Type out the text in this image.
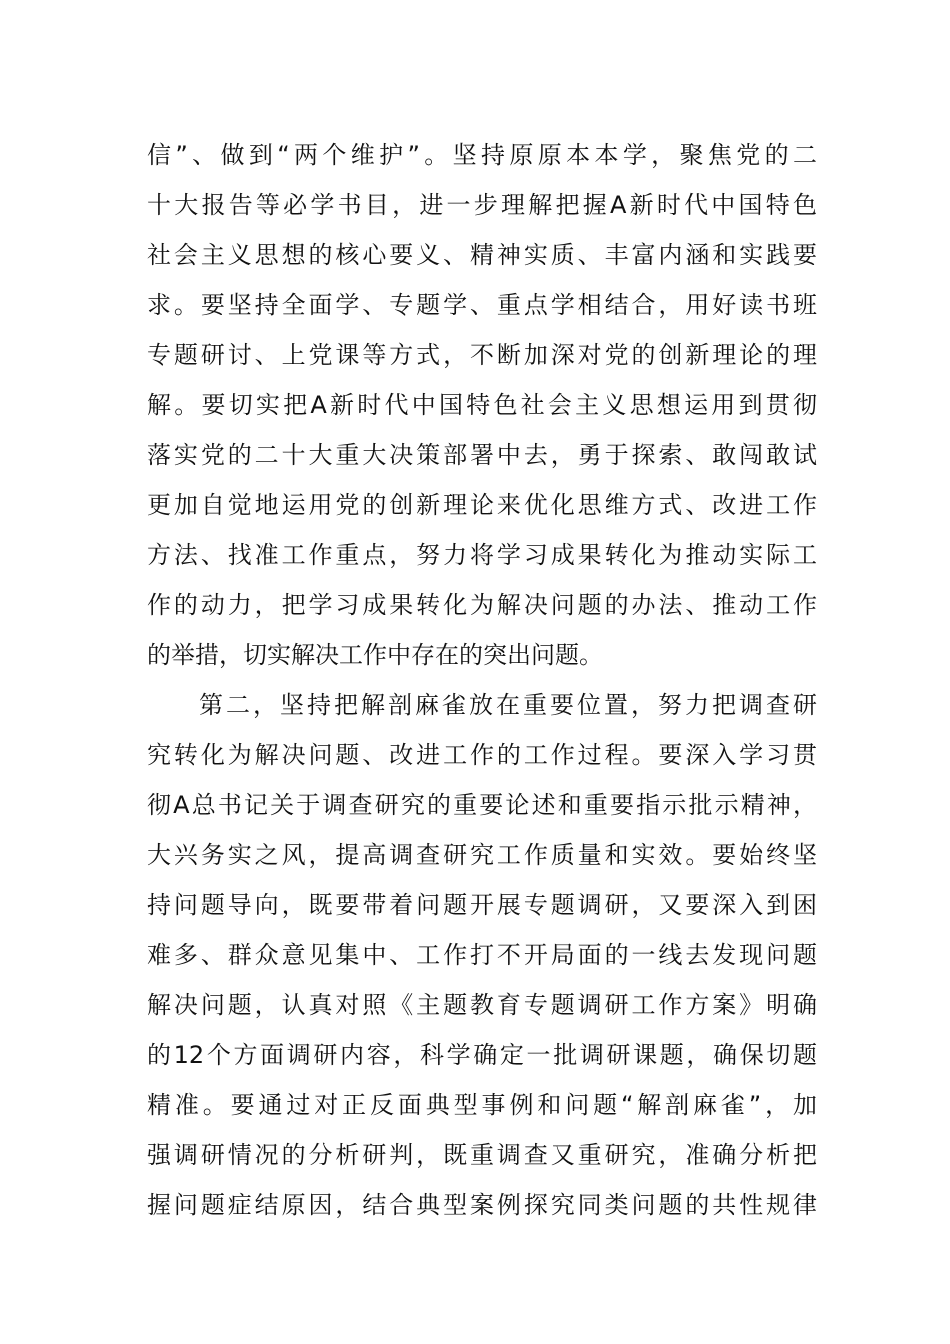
信”、做到“两个维护”。坚持原原本本学，聚焦党的二
十大报告等必学书目，进一步理解把握A新时代中国特色
社会主义思想的核心要义、精神实质、丰富内涵和实践要
求。要坚持全面学、专题学、重点学相结合，用好读书班
专题研讨、上党课等方式，不断加深对党的创新理论的理
解。要切实把A新时代中国特色社会主义思想运用到贯彻
落实党的二十大重大决策部署中去，勇于探索、敢闯敢试
更加自觉地运用党的创新理论来优化思维方式、改进工作
方法、找准工作重点，努力将学习成果转化为推动实际工
作的动力，把学习成果转化为解决问题的办法、推动工作
的举措，切实解决工作中存在的突出问题。
第二，坚持把解剖麻雀放在重要位置，努力把调查研
究转化为解决问题、改进工作的工作过程。要深入学习贯
彻A总书记关于调查研究的重要论述和重要指示批示精神，
大兴务实之风，提高调查研究工作质量和实效。要始终坚
持问题导向，既要带着问题开展专题调研，又要深入到困
难多、群众意见集中、工作打不开局面的一线去发现问题
解决问题，认真对照《主题教育专题调研工作方案》明确
的12个方面调研内容，科学确定一批调研课题，确保切题
精准。要通过对正反面典型事例和问题“解剖麻雀”，加
强调研情况的分析研判，既重调查又重研究，准确分析把
握问题症结原因，结合典型案例探究同类问题的共性规律
